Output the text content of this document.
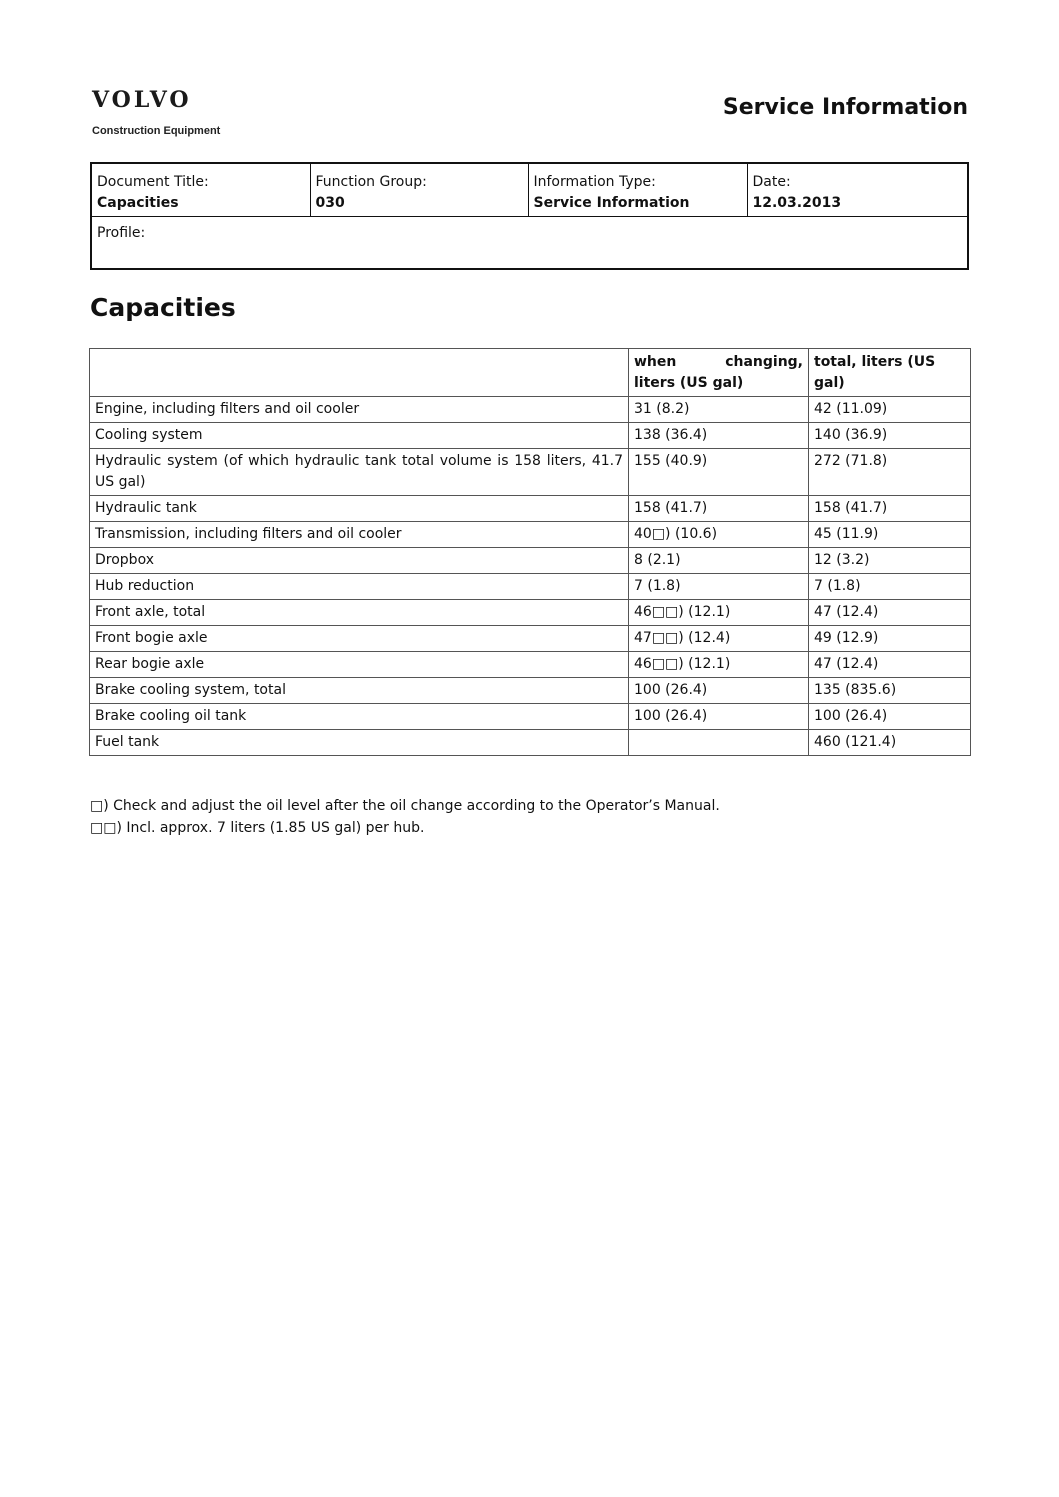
VOLVO
Construction Equipment
Service Information
Document Title:
Capacities

Function Group:
030

Information Type:
Service Information

Date:
12.03.2013

Profile:
Capacities
	when changing, liters (US gal)	total, liters (US gal)
Engine, including filters and oil cooler	31 (8.2)	42 (11.09)
Cooling system	138 (36.4)	140 (36.9)
Hydraulic system (of which hydraulic tank total volume is 158 liters, 41.7 US gal)	155 (40.9)	272 (71.8)
Hydraulic tank	158 (41.7)	158 (41.7)
Transmission, including filters and oil cooler	40□) (10.6)	45 (11.9)
Dropbox	8 (2.1)	12 (3.2)
Hub reduction	7 (1.8)	7 (1.8)
Front axle, total	46□□) (12.1)	47 (12.4)
Front bogie axle	47□□) (12.4)	49 (12.9)
Rear bogie axle	46□□) (12.1)	47 (12.4)
Brake cooling system, total	100 (26.4)	135 (835.6)
Brake cooling oil tank	100 (26.4)	100 (26.4)
Fuel tank		460 (121.4)

□) Check and adjust the oil level after the oil change according to the Operator’s Manual.

□□) Incl. approx. 7 liters (1.85 US gal) per hub.
